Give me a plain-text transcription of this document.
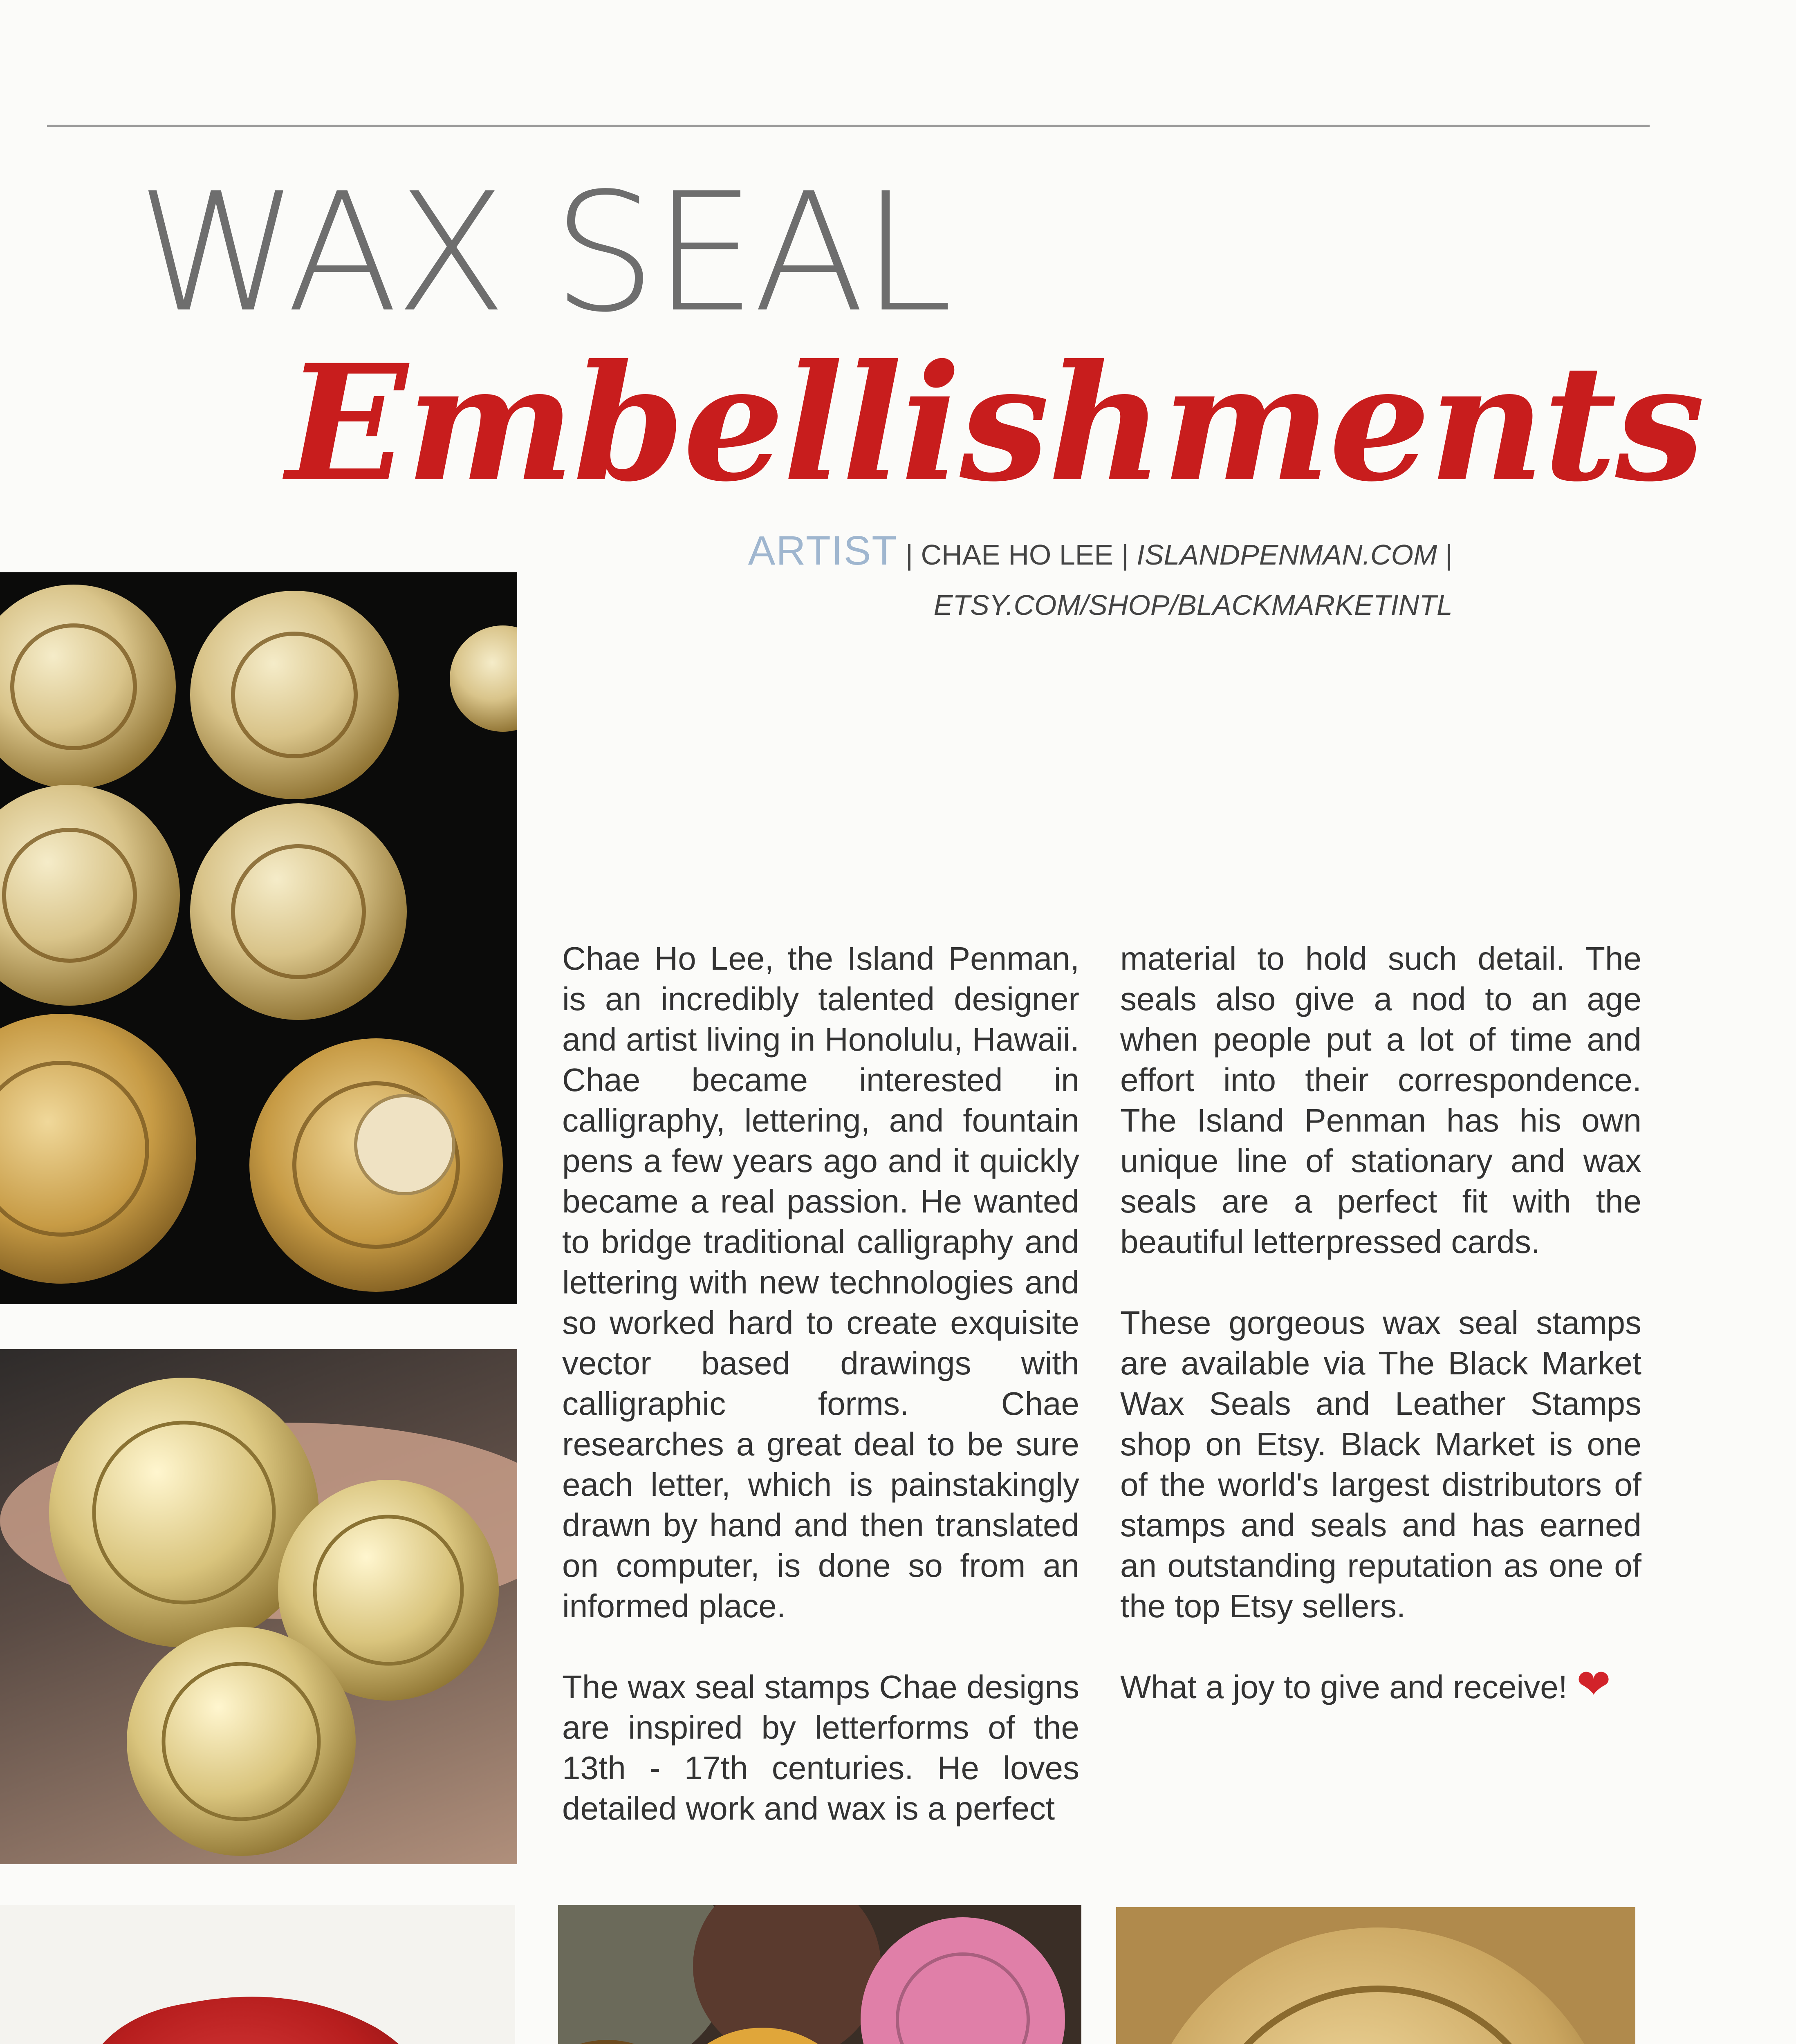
WAX SEAL
Embellishments
ARTIST | CHAE HO LEE | ISLANDPENMAN.COM |
ETSY.COM/SHOP/BLACKMARKETINTL

Chae Ho Lee, the Island Penman, is an incredibly talented designer and artist living in Honolulu, Hawaii. Chae became interested in calligraphy, lettering, and fountain pens a few years ago and it quickly became a real passion. He wanted to bridge traditional calligraphy and lettering with new technologies and so worked hard to create exquisite vector based drawings with calligraphic forms. Chae researches a great deal to be sure each letter, which is painstakingly drawn by hand and then translated on computer, is done so from an informed place.

The wax seal stamps Chae designs are inspired by letterforms of the 13th - 17th centuries. He loves detailed work and wax is a perfect

material to hold such detail. The seals also give a nod to an age when people put a lot of time and effort into their correspondence. The Island Penman has his own unique line of stationary and wax seals are a perfect fit with the beautiful letterpressed cards.

These gorgeous wax seal stamps are available via The Black Market Wax Seals and Leather Stamps shop on Etsy. Black Market is one of the world's largest distributors of stamps and seals and has earned an outstanding reputation as one of the top Etsy sellers.

What a joy to give and receive! ❤
